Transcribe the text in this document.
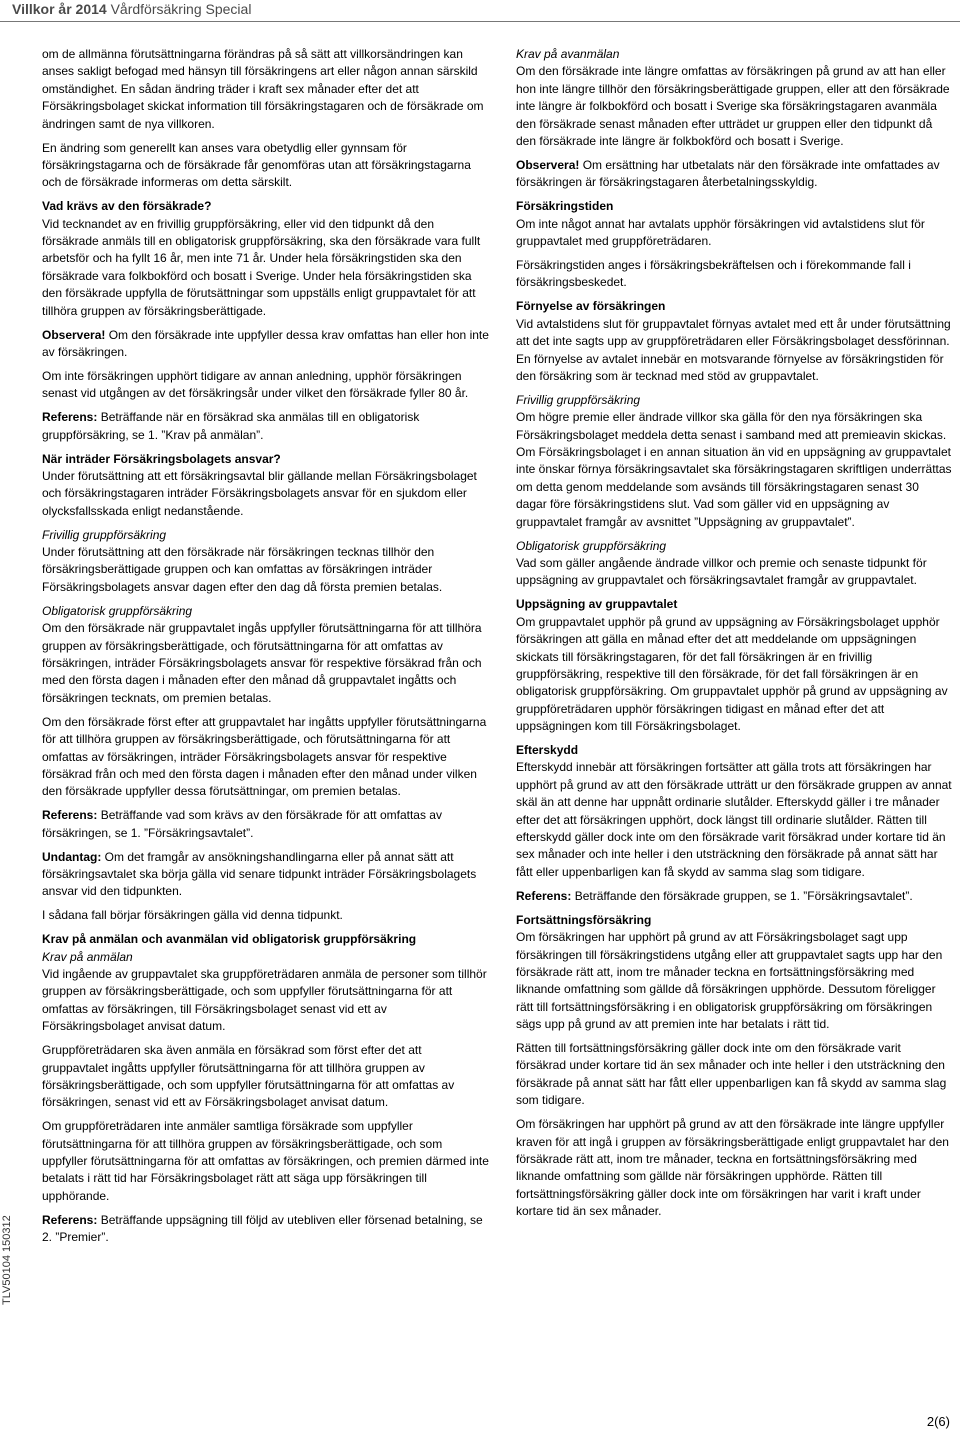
Villkor år 2014 Vårdförsäkring Special

om de allmänna förutsättningarna förändras på så sätt att villkorsändringen kan anses sakligt befogad med hänsyn till försäkringens art eller någon annan särskild omständighet. En sådan ändring träder i kraft sex månader efter det att Försäkringsbolaget skickat information till försäkringstagaren och de försäkrade om ändringen samt de nya villkoren.

En ändring som generellt kan anses vara obetydlig eller gynnsam för försäkringstagarna och de försäkrade får genomföras utan att försäkringstagarna och de försäkrade informeras om detta särskilt.

Vad krävs av den försäkrade?

Vid tecknandet av en frivillig gruppförsäkring, eller vid den tidpunkt då den försäkrade anmäls till en obligatorisk gruppförsäkring, ska den försäkrade vara fullt arbetsför och ha fyllt 16 år, men inte 71 år. Under hela försäkringstiden ska den försäkrade vara folkbokförd och bosatt i Sverige. Under hela försäkringstiden ska den försäkrade uppfylla de förutsättningar som uppställs enligt gruppavtalet för att tillhöra gruppen av försäkringsberättigade.

Observera! Om den försäkrade inte uppfyller dessa krav omfattas han eller hon inte av försäkringen.

Om inte försäkringen upphört tidigare av annan anledning, upphör försäkringen senast vid utgången av det försäkringsår under vilket den försäkrade fyller 80 år.

Referens: Beträffande när en försäkrad ska anmälas till en obligatorisk gruppförsäkring, se 1. ”Krav på anmälan”.

När inträder Försäkringsbolagets ansvar?

Under förutsättning att ett försäkringsavtal blir gällande mellan Försäkringsbolaget och försäkringstagaren inträder Försäkringsbolagets ansvar för en sjukdom eller olycksfallsskada enligt nedanstående.

Frivillig gruppförsäkring

Under förutsättning att den försäkrade när försäkringen tecknas tillhör den försäkringsberättigade gruppen och kan omfattas av försäkringen inträder Försäkringsbolagets ansvar dagen efter den dag då första premien betalas.

Obligatorisk gruppförsäkring

Om den försäkrade när gruppavtalet ingås uppfyller förutsättningarna för att tillhöra gruppen av försäkringsberättigade, och förutsättningarna för att omfattas av försäkringen, inträder Försäkringsbolagets ansvar för respektive försäkrad från och med den första dagen i månaden efter den månad då gruppavtalet ingåtts och försäkringen tecknats, om premien betalas.

Om den försäkrade först efter att gruppavtalet har ingåtts uppfyller förutsättningarna för att tillhöra gruppen av försäkringsberättigade, och förutsättningarna för att omfattas av försäkringen, inträder Försäkringsbolagets ansvar för respektive försäkrad från och med den första dagen i månaden efter den månad under vilken den försäkrade uppfyller dessa förutsättningar, om premien betalas.

Referens: Beträffande vad som krävs av den försäkrade för att omfattas av försäkringen, se 1. ”Försäkringsavtalet”.

Undantag: Om det framgår av ansökningshandlingarna eller på annat sätt att försäkringsavtalet ska börja gälla vid senare tidpunkt inträder Försäkringsbolagets ansvar vid den tidpunkten.

I sådana fall börjar försäkringen gälla vid denna tidpunkt.

Krav på anmälan och avanmälan vid obligatorisk gruppförsäkring
Krav på anmälan

Vid ingående av gruppavtalet ska gruppföreträdaren anmäla de personer som tillhör gruppen av försäkringsberättigade, och som uppfyller förutsättningarna för att omfattas av försäkringen, till Försäkringsbolaget senast vid ett av Försäkringsbolaget anvisat datum.

Gruppföreträdaren ska även anmäla en försäkrad som först efter det att gruppavtalet ingåtts uppfyller förutsättningarna för att tillhöra gruppen av försäkringsberättigade, och som uppfyller förutsättningarna för att omfattas av försäkringen, senast vid ett av Försäkringsbolaget anvisat datum.

Om gruppföreträdaren inte anmäler samtliga försäkrade som uppfyller förutsättningarna för att tillhöra gruppen av försäkringsberättigade, och som uppfyller förutsättningarna för att omfattas av försäkringen, och premien därmed inte betalats i rätt tid har Försäkringsbolaget rätt att säga upp försäkringen till upphörande.

Referens: Beträffande uppsägning till följd av utebliven eller försenad betalning, se 2. ”Premier”.

Krav på avanmälan

Om den försäkrade inte längre omfattas av försäkringen på grund av att han eller hon inte längre tillhör den försäkringsberättigade gruppen, eller att den försäkrade inte längre är folkbokförd och bosatt i Sverige ska försäkringstagaren avanmäla den försäkrade senast månaden efter utträdet ur gruppen eller den tidpunkt då den försäkrade inte längre är folkbokförd och bosatt i Sverige.

Observera! Om ersättning har utbetalats när den försäkrade inte omfattades av försäkringen är försäkringstagaren återbetalningsskyldig.

Försäkringstiden

Om inte något annat har avtalats upphör försäkringen vid avtalstidens slut för gruppavtalet med gruppföreträdaren.

Försäkringstiden anges i försäkringsbekräftelsen och i förekommande fall i försäkringsbeskedet.

Förnyelse av försäkringen

Vid avtalstidens slut för gruppavtalet förnyas avtalet med ett år under förutsättning att det inte sagts upp av gruppföreträdaren eller Försäkringsbolaget dessförinnan. En förnyelse av avtalet innebär en motsvarande förnyelse av försäkringstiden för den försäkring som är tecknad med stöd av gruppavtalet.

Frivillig gruppförsäkring

Om högre premie eller ändrade villkor ska gälla för den nya försäkringen ska Försäkringsbolaget meddela detta senast i samband med att premieavin skickas. Om Försäkringsbolaget i en annan situation än vid en uppsägning av gruppavtalet inte önskar förnya försäkringsavtalet ska försäkringstagaren skriftligen underrättas om detta genom meddelande som avsänds till försäkringstagaren senast 30 dagar före försäkringstidens slut. Vad som gäller vid en uppsägning av gruppavtalet framgår av avsnittet ”Uppsägning av gruppavtalet”.

Obligatorisk gruppförsäkring

Vad som gäller angående ändrade villkor och premie och senaste tidpunkt för uppsägning av gruppavtalet och försäkringsavtalet framgår av gruppavtalet.

Uppsägning av gruppavtalet

Om gruppavtalet upphör på grund av uppsägning av Försäkringsbolaget upphör försäkringen att gälla en månad efter det att meddelande om uppsägningen skickats till försäkringstagaren, för det fall försäkringen är en frivillig gruppförsäkring, respektive till den försäkrade, för det fall försäkringen är en obligatorisk gruppförsäkring. Om gruppavtalet upphör på grund av uppsägning av gruppföreträdaren upphör försäkringen tidigast en månad efter det att uppsägningen kom till Försäkringsbolaget.

Efterskydd

Efterskydd innebär att försäkringen fortsätter att gälla trots att försäkringen har upphört på grund av att den försäkrade utträtt ur den försäkrade gruppen av annat skäl än att denne har uppnått ordinarie slutålder. Efterskydd gäller i tre månader efter det att försäkringen upphört, dock längst till ordinarie slutålder. Rätten till efterskydd gäller dock inte om den försäkrade varit försäkrad under kortare tid än sex månader och inte heller i den utsträckning den försäkrade på annat sätt har fått eller uppenbarligen kan få skydd av samma slag som tidigare.

Referens: Beträffande den försäkrade gruppen, se 1. ”Försäkringsavtalet”.

Fortsättningsförsäkring

Om försäkringen har upphört på grund av att Försäkringsbolaget sagt upp försäkringen till försäkringstidens utgång eller att gruppavtalet sagts upp har den försäkrade rätt att, inom tre månader teckna en fortsättningsförsäkring med liknande omfattning som gällde då försäkringen upphörde. Dessutom föreligger rätt till fortsättningsförsäkring i en obligatorisk gruppförsäkring om försäkringen sägs upp på grund av att premien inte har betalats i rätt tid.

Rätten till fortsättningsförsäkring gäller dock inte om den försäkrade varit försäkrad under kortare tid än sex månader och inte heller i den utsträckning den försäkrade på annat sätt har fått eller uppenbarligen kan få skydd av samma slag som tidigare.

Om försäkringen har upphört på grund av att den försäkrade inte längre uppfyller kraven för att ingå i gruppen av försäkringsberättigade enligt gruppavtalet har den försäkrade rätt att, inom tre månader, teckna en fortsättningsförsäkring med liknande omfattning som gällde när försäkringen upphörde. Rätten till fortsättningsförsäkring gäller dock inte om försäkringen har varit i kraft under kortare tid än sex månader.

TLV50104 150312
2(6)
